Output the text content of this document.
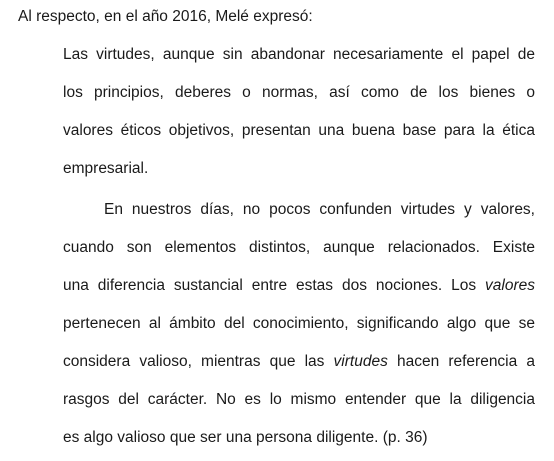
Al respecto, en el año 2016, Melé expresó:
Las virtudes, aunque sin abandonar necesariamente el papel de
los principios, deberes o normas, así como de los bienes o
valores éticos objetivos, presentan una buena base para la ética
empresarial.
En nuestros días, no pocos confunden virtudes y valores,
cuando son elementos distintos, aunque relacionados. Existe
una diferencia sustancial entre estas dos nociones. Los valores
pertenecen al ámbito del conocimiento, significando algo que se
considera valioso, mientras que las virtudes hacen referencia a
rasgos del carácter. No es lo mismo entender que la diligencia
es algo valioso que ser una persona diligente. (p. 36)
